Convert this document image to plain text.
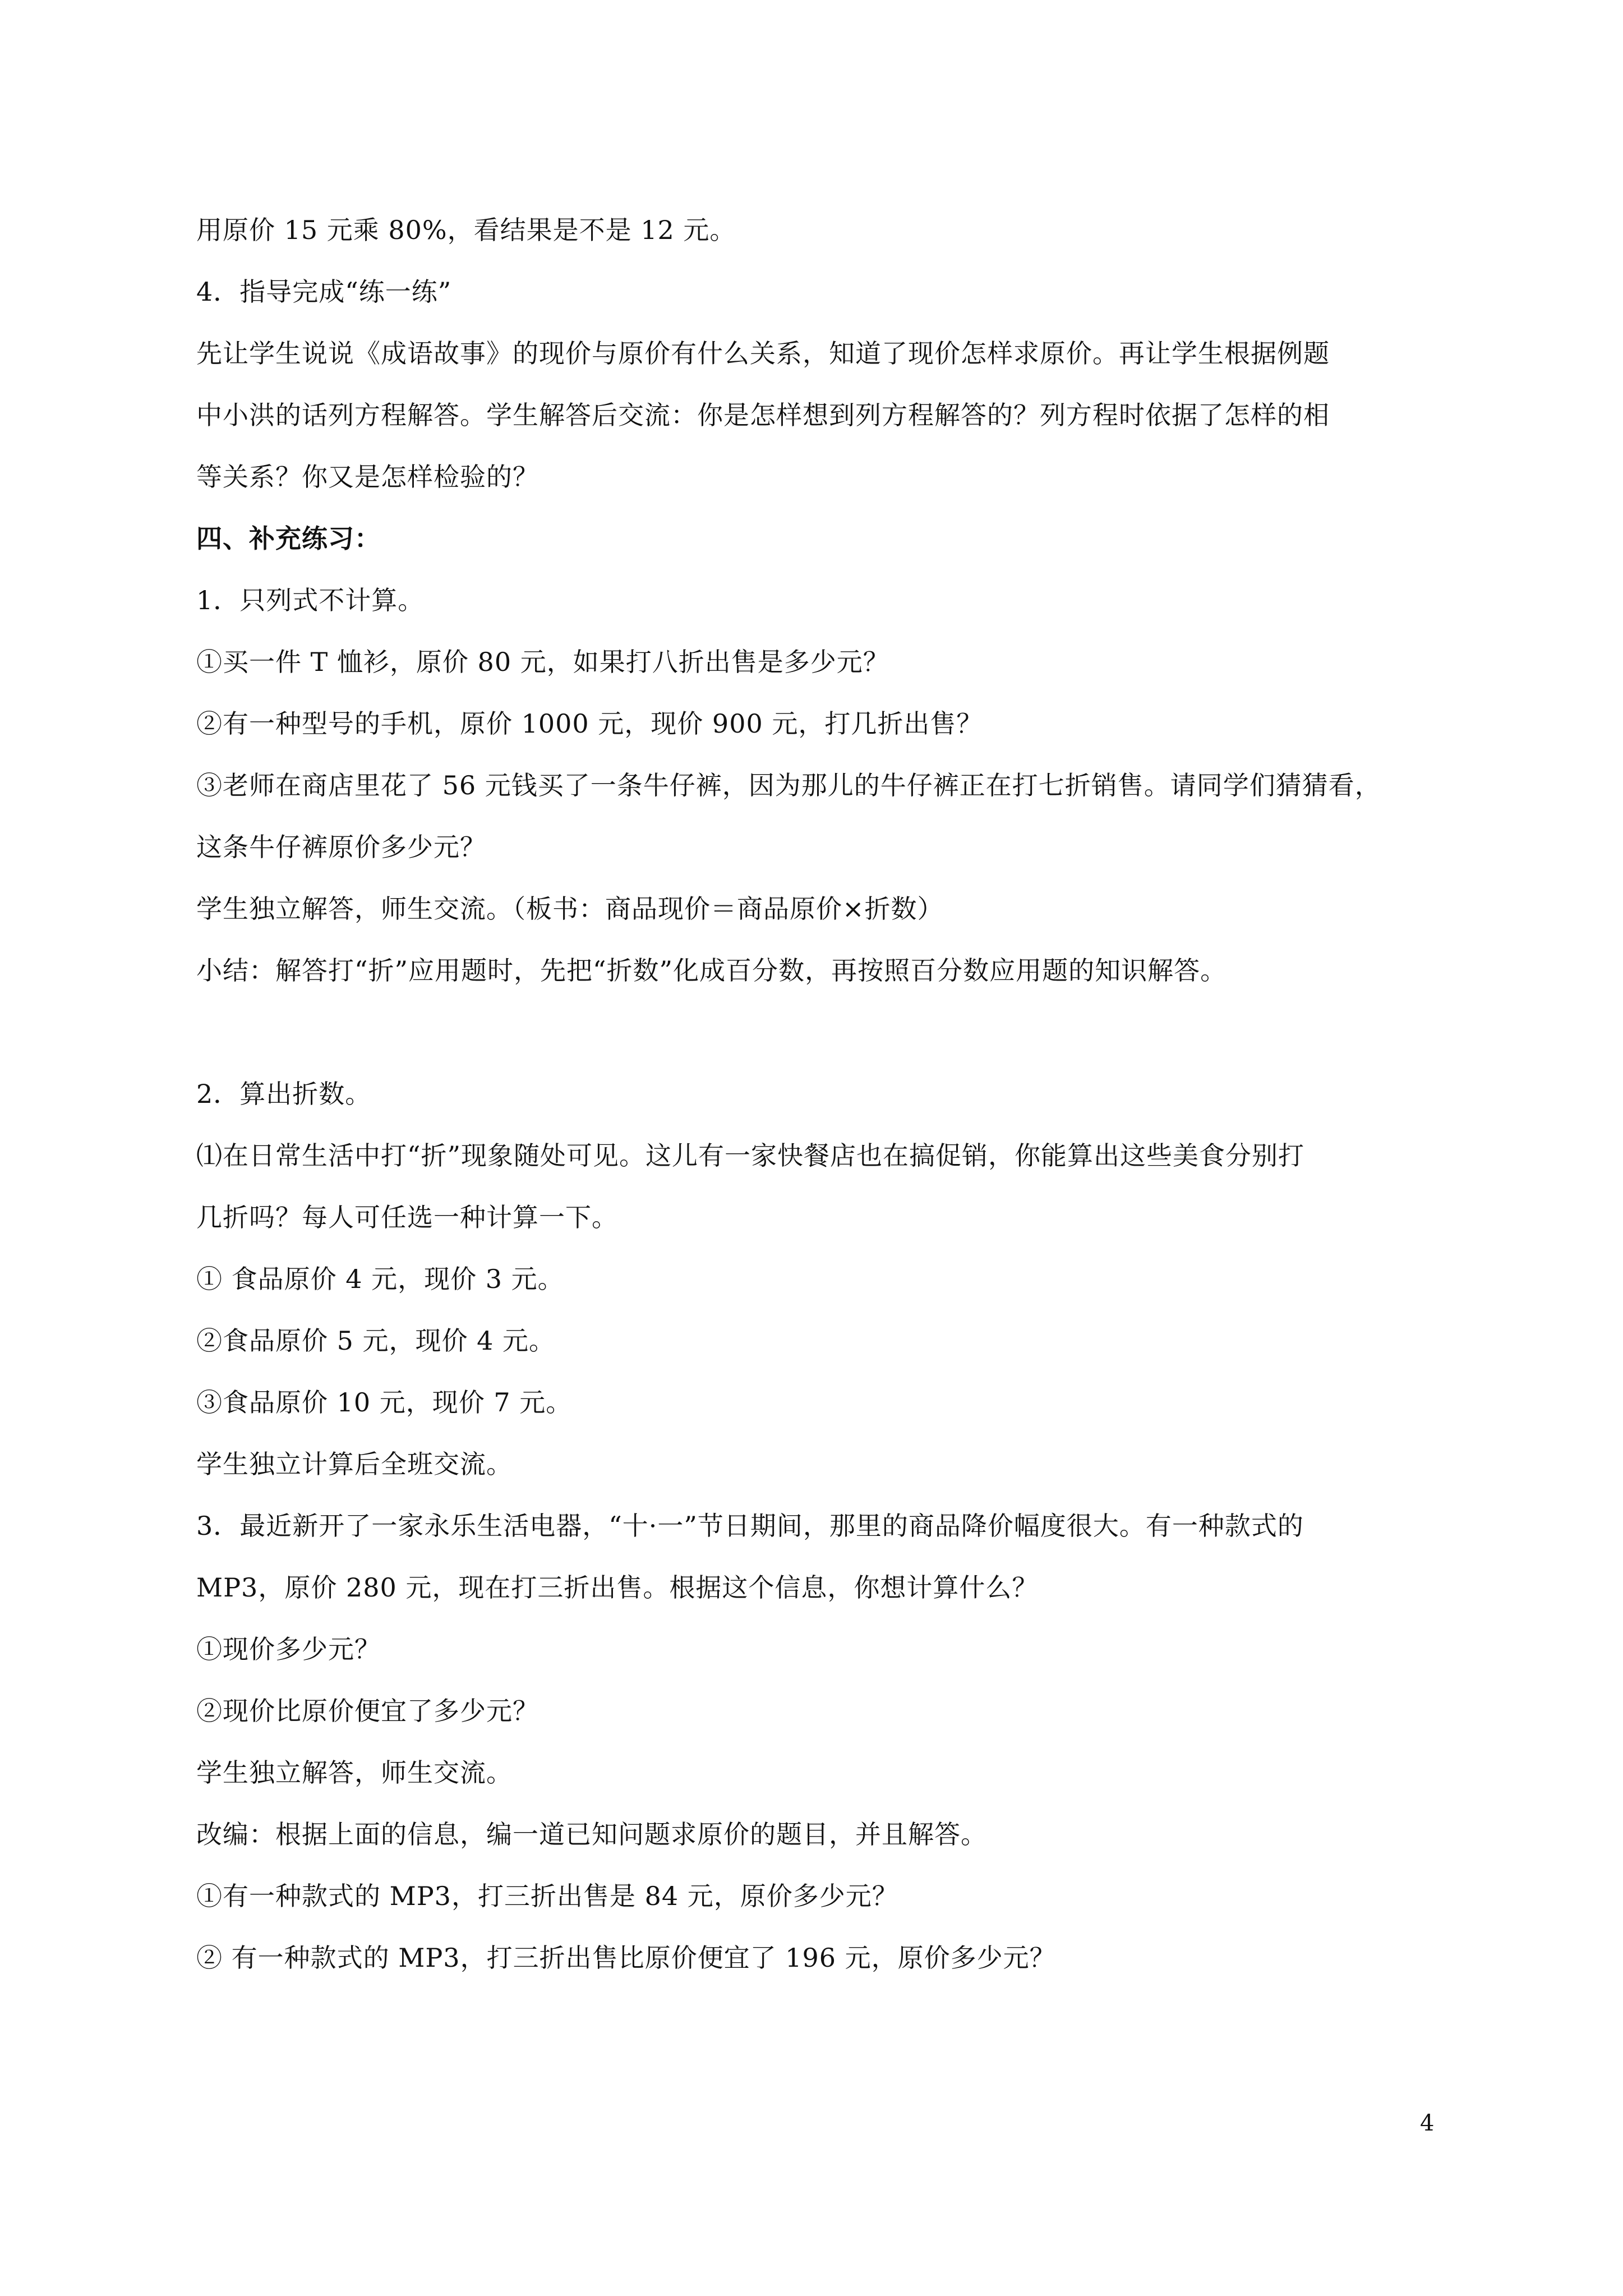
用原价 15 元乘 80%，看结果是不是 12 元。
4．指导完成“练一练”
先让学生说说《成语故事》的现价与原价有什么关系，知道了现价怎样求原价。再让学生根据例题
中小洪的话列方程解答。学生解答后交流：你是怎样想到列方程解答的？列方程时依据了怎样的相
等关系？你又是怎样检验的？
四、补充练习：
1．只列式不计算。
①买一件 T 恤衫，原价 80 元，如果打八折出售是多少元？
②有一种型号的手机，原价 1000 元，现价 900 元，打几折出售？
③老师在商店里花了 56 元钱买了一条牛仔裤，因为那儿的牛仔裤正在打七折销售。请同学们猜猜看，
这条牛仔裤原价多少元？
学生独立解答，师生交流。（板书：商品现价＝商品原价×折数）
小结：解答打“折”应用题时，先把“折数”化成百分数，再按照百分数应用题的知识解答。
2．算出折数。
⑴在日常生活中打“折”现象随处可见。这儿有一家快餐店也在搞促销，你能算出这些美食分别打
几折吗？每人可任选一种计算一下。
① 食品原价 4 元，现价 3 元。
②食品原价 5 元，现价 4 元。
③食品原价 10 元，现价 7 元。
学生独立计算后全班交流。
3．最近新开了一家永乐生活电器，“十·一”节日期间，那里的商品降价幅度很大。有一种款式的
MP3，原价 280 元，现在打三折出售。根据这个信息，你想计算什么？
①现价多少元？
②现价比原价便宜了多少元？
学生独立解答，师生交流。
改编：根据上面的信息，编一道已知问题求原价的题目，并且解答。
①有一种款式的 MP3，打三折出售是 84 元，原价多少元？
② 有一种款式的 MP3，打三折出售比原价便宜了 196 元，原价多少元？
4
